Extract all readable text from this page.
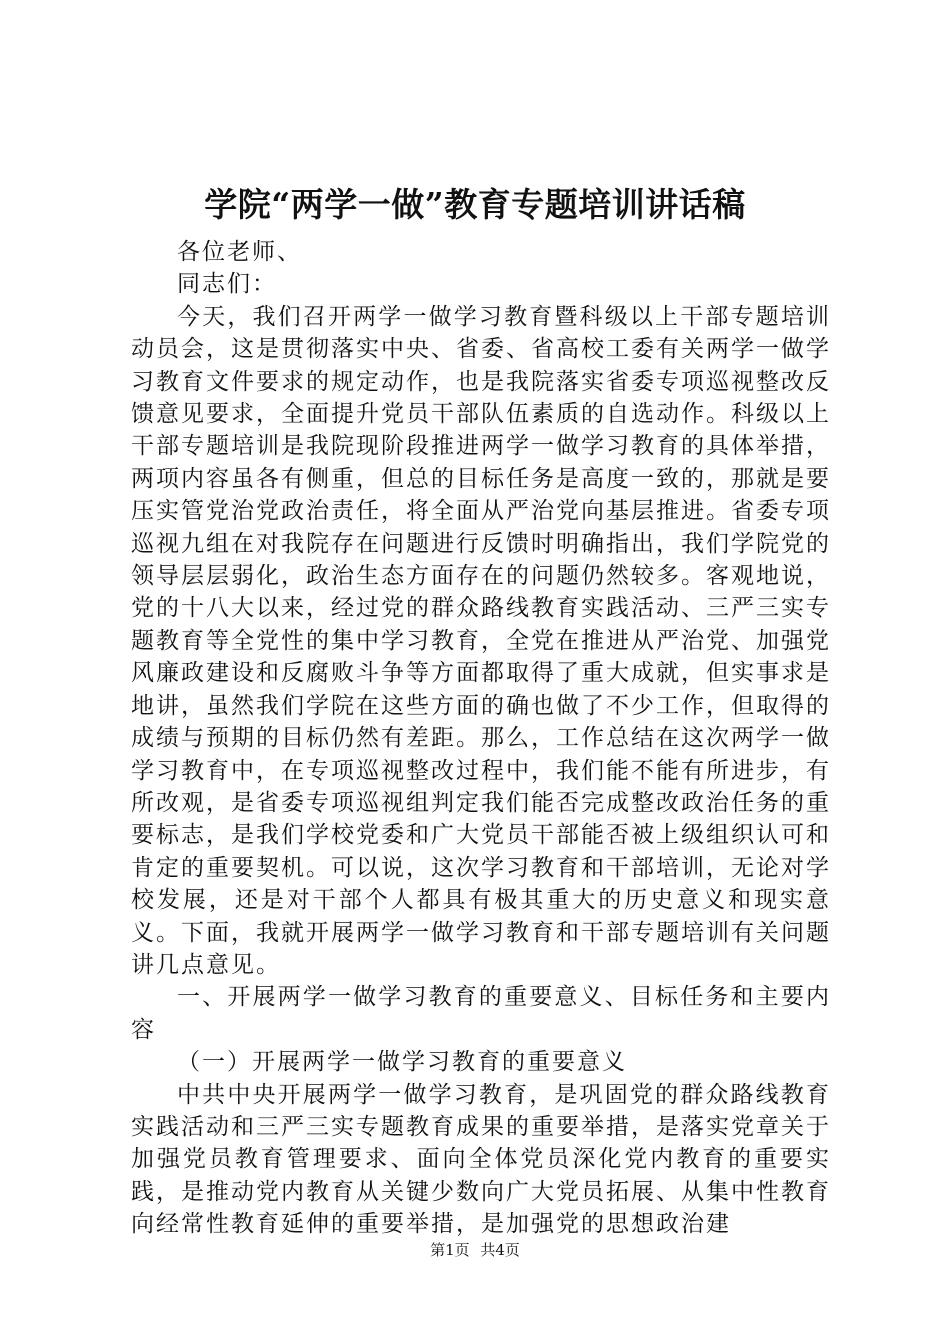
学院“两学一做”教育专题培训讲话稿

各位老师、

同志们：

今天，我们召开两学一做学习教育暨科级以上干部专题培训动员会，这是贯彻落实中央、省委、省高校工委有关两学一做学习教育文件要求的规定动作，也是我院落实省委专项巡视整改反馈意见要求，全面提升党员干部队伍素质的自选动作。科级以上干部专题培训是我院现阶段推进两学一做学习教育的具体举措，两项内容虽各有侧重，但总的目标任务是高度一致的，那就是要压实管党治党政治责任，将全面从严治党向基层推进。省委专项巡视九组在对我院存在问题进行反馈时明确指出，我们学院党的领导层层弱化，政治生态方面存在的问题仍然较多。客观地说，党的十八大以来，经过党的群众路线教育实践活动、三严三实专题教育等全党性的集中学习教育，全党在推进从严治党、加强党风廉政建设和反腐败斗争等方面都取得了重大成就，但实事求是地讲，虽然我们学院在这些方面的确也做了不少工作，但取得的成绩与预期的目标仍然有差距。那么，工作总结在这次两学一做学习教育中，在专项巡视整改过程中，我们能不能有所进步，有所改观，是省委专项巡视组判定我们能否完成整改政治任务的重要标志，是我们学校党委和广大党员干部能否被上级组织认可和肯定的重要契机。可以说，这次学习教育和干部培训，无论对学校发展，还是对干部个人都具有极其重大的历史意义和现实意义。下面，我就开展两学一做学习教育和干部专题培训有关问题讲几点意见。

一、开展两学一做学习教育的重要意义、目标任务和主要内容

（一）开展两学一做学习教育的重要意义

中共中央开展两学一做学习教育，是巩固党的群众路线教育实践活动和三严三实专题教育成果的重要举措，是落实党章关于加强党员教育管理要求、面向全体党员深化党内教育的重要实践，是推动党内教育从关键少数向广大党员拓展、从集中性教育向经常性教育延伸的重要举措，是加强党的思想政治建

第1页 共4页
